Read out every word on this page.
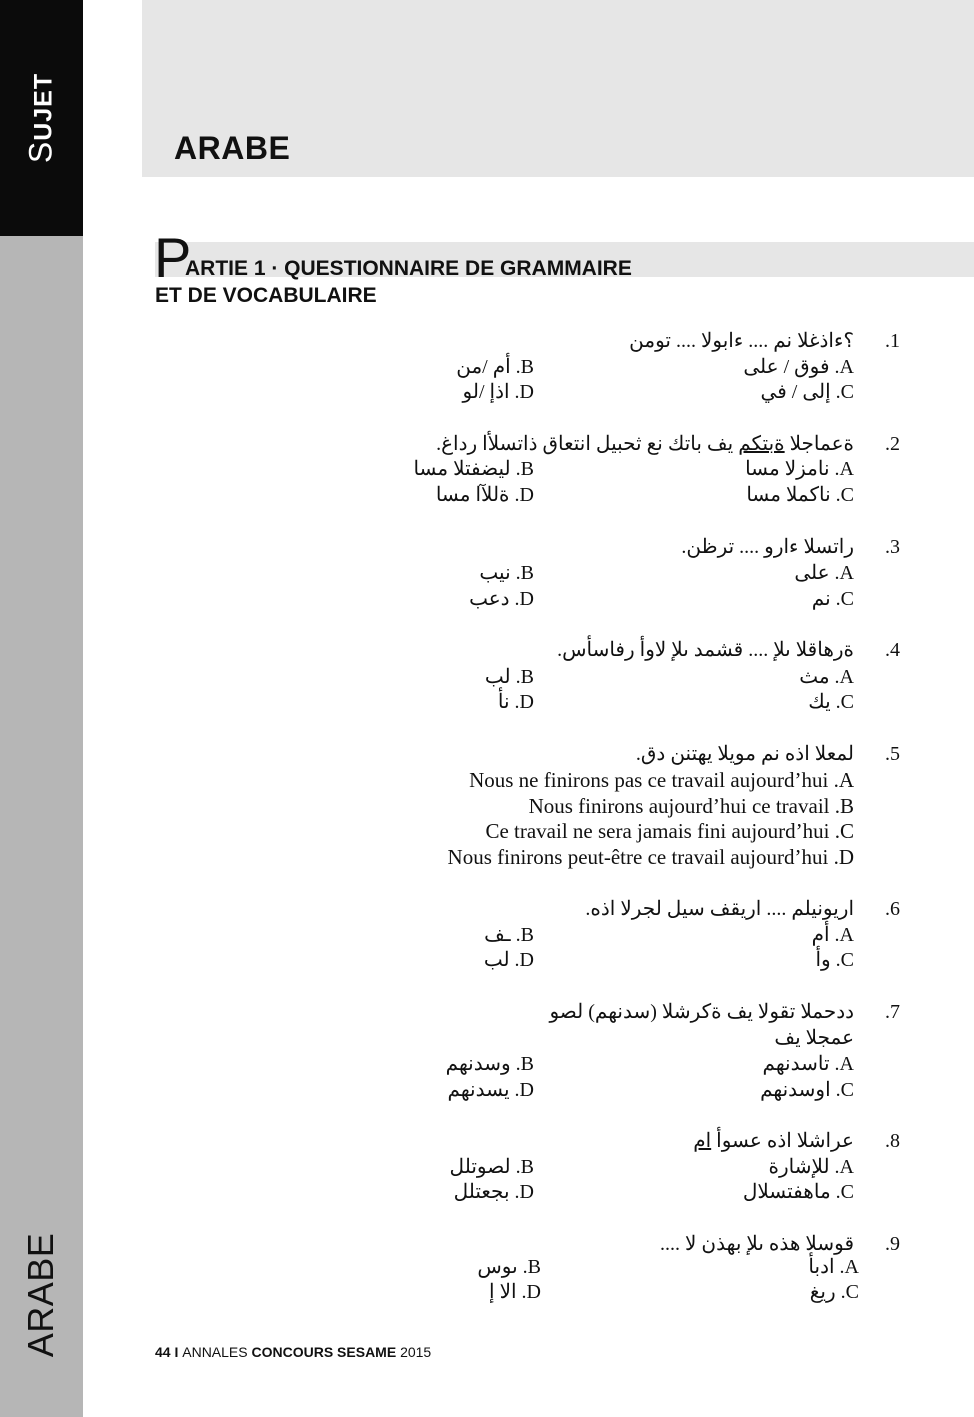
SUJET
ARABE
ARABE
P
ARTIE 1 · QUESTIONNAIRE DE GRAMMAIRE
ET DE VOCABULAIRE
.1
؟ءاذغلا نم .... ءابولا .... تومن
فوق / على .A
أم /من .B
إلى / في .C
اذإ /لو .D
.2
.ةعماجلا ةبتكم يف باتك نع ثحبيل انتعاق ذاتسلأا رداغ
نامزلا مسا .A
ليضفتلا مسا .B
ناكملا مسا .C
ةللآا مسا .D
.3
.راتسلا ءارو .... ترظن
على .A
نيب .B
نم .C
دعب .D
.4
.ةرهاقلا ىلإ .... قشمد ىلإ لاوأ رفاسأس
مث .A
لب .B
يك .C
نأ .D
.5
.لمعلا اذه نم مويلا يهتنن دق
Nous ne finirons pas ce travail aujourd’hui .A
Nous finirons aujourd’hui ce travail .B
Ce travail ne sera jamais fini aujourd’hui .C
Nous finirons peut-être ce travail aujourd’hui .D
.6
.اريونيلم .... اريقف سيل لجرلا اذه
أم .A
ـف .B
وأ .C
لب .D
.7
ددحملا تقولا يف ةكرشلا (سدنهم) لصو
عمجلا يف
تاسدنهم .A
وسدنهم .B
اوسدنهم .C
يسدنهم .D
.8
عراشلا اذه عسوأ ام
للإشارة .A
لصوتلل .B
ماهفتسلال .C
بجعتلل .D
.9
.... قوسلا هذه ىلإ بهذن لا
ادبأ .A
ىوس .B
ريغ .C
الا إ .D
44 I ANNALES CONCOURS SESAME 2015
